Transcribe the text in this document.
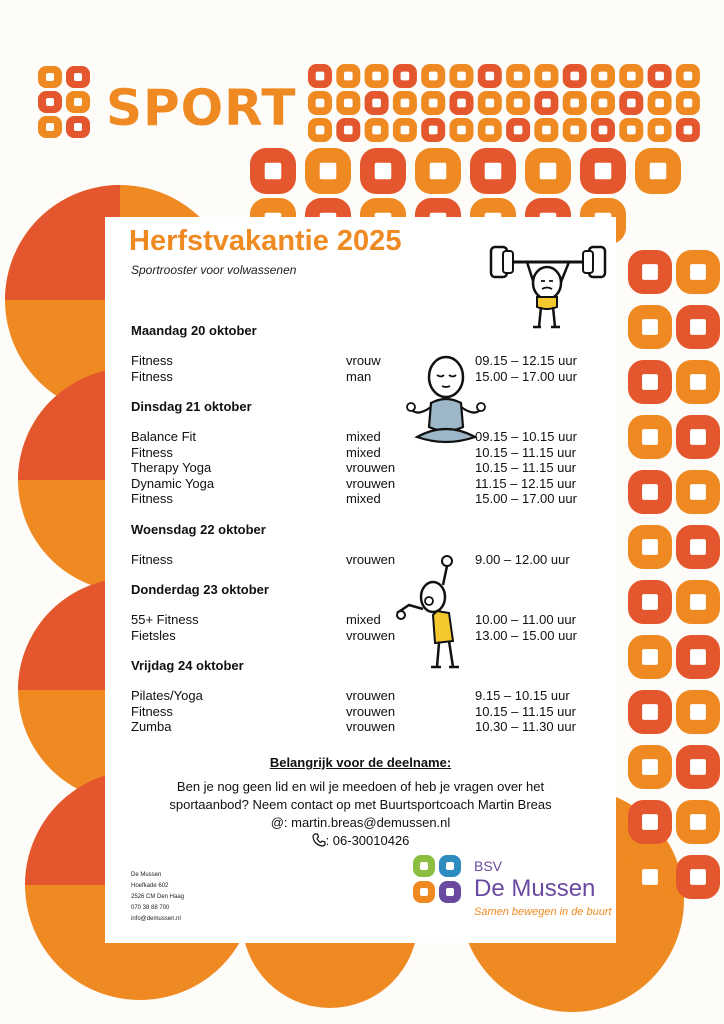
SPORT
Herfstvakantie 2025
Sportrooster voor volwassenen
Maandag 20 oktober
Fitness	vrouw	09.15 – 12.15 uur
Fitness	man	15.00 – 17.00 uur
Dinsdag 21 oktober
Balance Fit	mixed	09.15 – 10.15 uur
Fitness	mixed	10.15 – 11.15 uur
Therapy Yoga	vrouwen	10.15 – 11.15 uur
Dynamic Yoga	vrouwen	11.15 – 12.15 uur
Fitness	mixed	15.00 – 17.00 uur
Woensdag 22 oktober
Fitness	vrouwen	9.00 – 12.00 uur
Donderdag 23 oktober
55+ Fitness	mixed	10.00 – 11.00 uur
Fietsles	vrouwen	13.00 – 15.00 uur
Vrijdag 24 oktober
Pilates/Yoga	vrouwen	9.15 – 10.15 uur
Fitness	vrouwen	10.15 – 11.15 uur
Zumba	vrouwen	10.30 – 11.30 uur
Belangrijk voor de deelname:
Ben je nog geen lid en wil je meedoen of heb je vragen over het
sportaanbod? Neem contact op met Buurtsportcoach Martin Breas
@: martin.breas@demussen.nl
: 06-30010426
De Mussen
Hoefkade 602
2526 CM Den Haag
070 38 88 700
info@demussen.nl
BSV
De Mussen
Samen bewegen in de buurt
